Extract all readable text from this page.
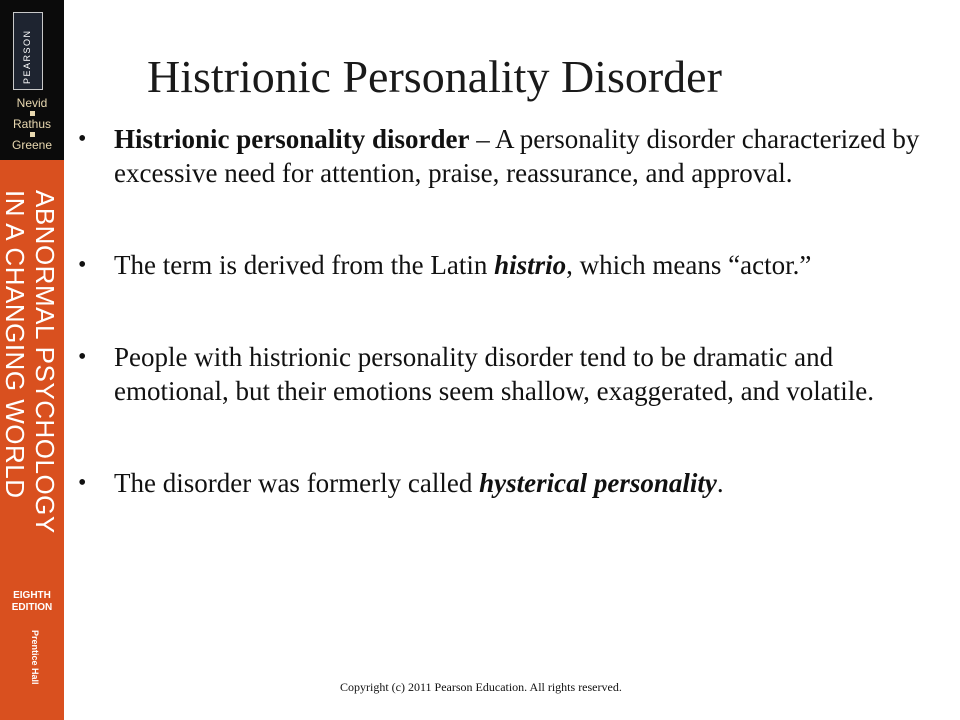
PEARSON
Nevid
Rathus
Greene
ABNORMAL PSYCHOLOGY
IN A CHANGING WORLD
EIGHTH
EDITION
Prentice Hall
Histrionic Personality Disorder
• Histrionic personality disorder – A personality disorder characterized by excessive need for attention, praise, reassurance, and approval.
• The term is derived from the Latin histrio, which means “actor.”
• People with histrionic personality disorder tend to be dramatic and emotional, but their emotions seem shallow, exaggerated, and volatile.
• The disorder was formerly called hysterical personality.
Copyright (c) 2011 Pearson Education. All rights reserved.
